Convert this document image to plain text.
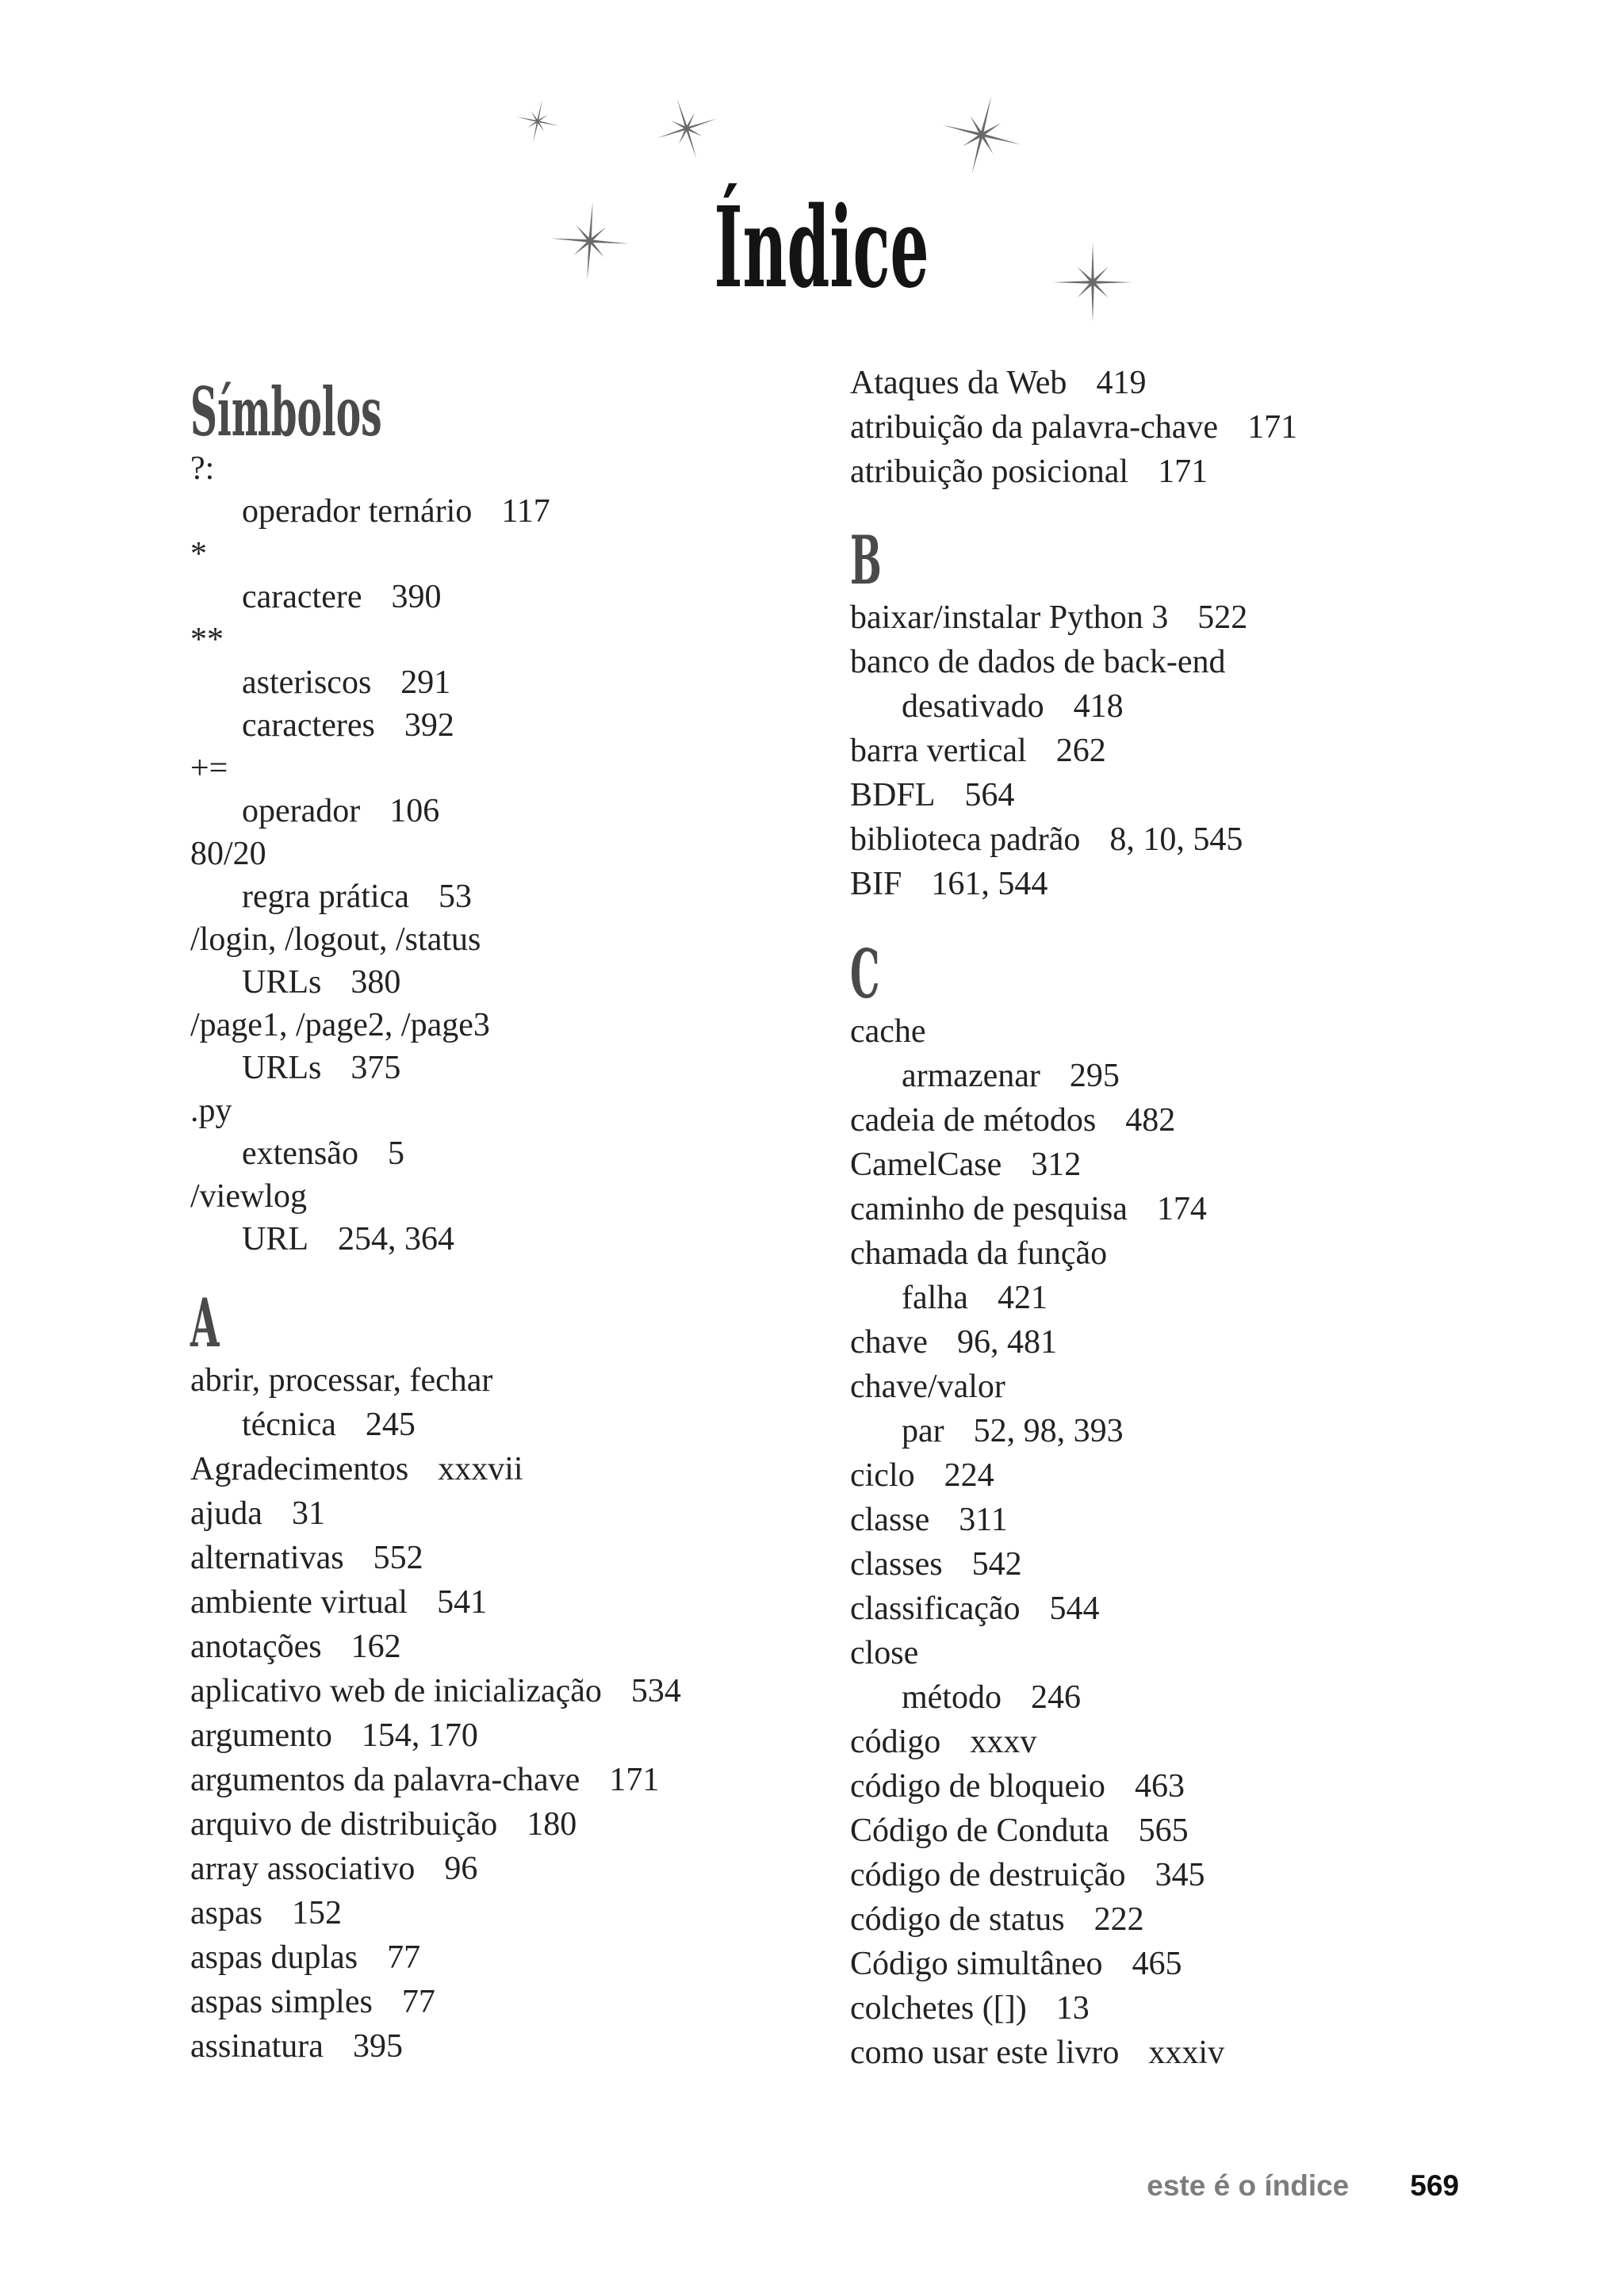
Índice
Símbolos
?:
operador ternário 117
*
caractere 390
**
asteriscos 291
caracteres 392
+=
operador 106
80/20
regra prática 53
/login, /logout, /status
URLs 380
/page1, /page2, /page3
URLs 375
.py
extensão 5
/viewlog
URL 254, 364
A
abrir, processar, fechar
técnica 245
Agradecimentos xxxvii
ajuda 31
alternativas 552
ambiente virtual 541
anotações 162
aplicativo web de inicialização 534
argumento 154, 170
argumentos da palavra-chave 171
arquivo de distribuição 180
array associativo 96
aspas 152
aspas duplas 77
aspas simples 77
assinatura 395
Ataques da Web 419
atribuição da palavra-chave 171
atribuição posicional 171
B
baixar/instalar Python 3 522
banco de dados de back-end desativado 418
barra vertical 262
BDFL 564
biblioteca padrão 8, 10, 545
BIF 161, 544
C
cache
armazenar 295
cadeia de métodos 482
CamelCase 312
caminho de pesquisa 174
chamada da função
falha 421
chave 96, 481
chave/valor
par 52, 98, 393
ciclo 224
classe 311
classes 542
classificação 544
close
método 246
código xxxv
código de bloqueio 463
Código de Conduta 565
código de destruição 345
código de status 222
Código simultâneo 465
colchetes ([]) 13
como usar este livro xxxiv
este é o índice 569
